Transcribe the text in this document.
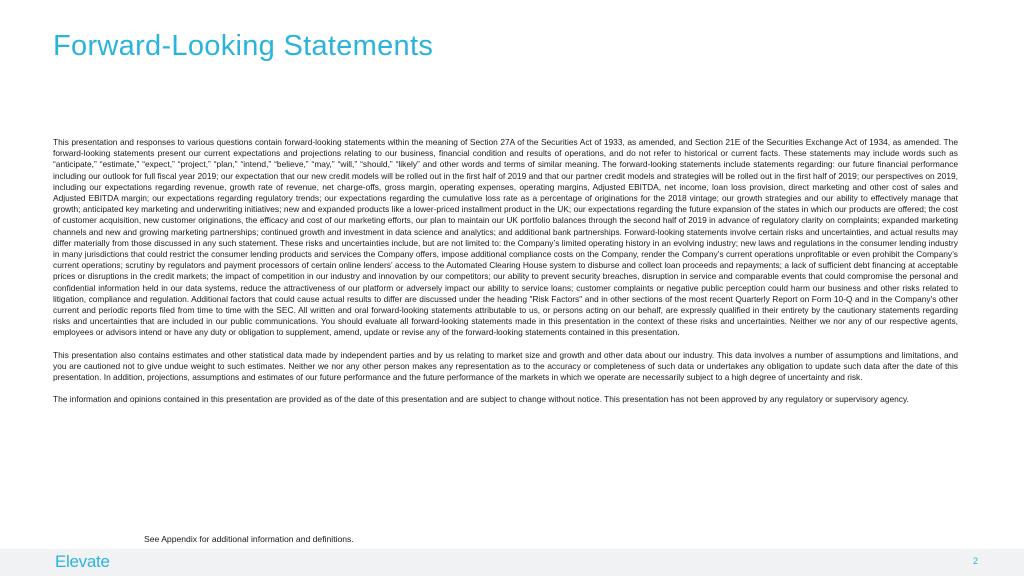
Forward-Looking Statements

This presentation and responses to various questions contain forward-looking statements within the meaning of Section 27A of the Securities Act of 1933, as amended, and Section 21E of the Securities Exchange Act of 1934, as amended. The forward-looking statements present our current expectations and projections relating to our business, financial condition and results of operations, and do not refer to historical or current facts. These statements may include words such as “anticipate,” “estimate,” “expect,” “project,” “plan,” “intend,” “believe,” “may,” “will,” “should,” “likely” and other words and terms of similar meaning. The forward-looking statements include statements regarding: our future financial performance including our outlook for full fiscal year 2019; our expectation that our new credit models will be rolled out in the first half of 2019 and that our partner credit models and strategies will be rolled out in the first half of 2019; our perspectives on 2019, including our expectations regarding revenue, growth rate of revenue, net charge-offs, gross margin, operating expenses, operating margins, Adjusted EBITDA, net income, loan loss provision, direct marketing and other cost of sales and Adjusted EBITDA margin; our expectations regarding regulatory trends; our expectations regarding the cumulative loss rate as a percentage of originations for the 2018 vintage; our growth strategies and our ability to effectively manage that growth; anticipated key marketing and underwriting initiatives; new and expanded products like a lower-priced installment product in the UK; our expectations regarding the future expansion of the states in which our products are offered; the cost of customer acquisition, new customer originations, the efficacy and cost of our marketing efforts, our plan to maintain our UK portfolio balances through the second half of 2019 in advance of regulatory clarity on complaints; expanded marketing channels and new and growing marketing partnerships; continued growth and investment in data science and analytics; and additional bank partnerships. Forward-looking statements involve certain risks and uncertainties, and actual results may differ materially from those discussed in any such statement. These risks and uncertainties include, but are not limited to: the Company’s limited operating history in an evolving industry; new laws and regulations in the consumer lending industry in many jurisdictions that could restrict the consumer lending products and services the Company offers, impose additional compliance costs on the Company, render the Company’s current operations unprofitable or even prohibit the Company’s current operations; scrutiny by regulators and payment processors of certain online lenders’ access to the Automated Clearing House system to disburse and collect loan proceeds and repayments; a lack of sufficient debt financing at acceptable prices or disruptions in the credit markets; the impact of competition in our industry and innovation by our competitors; our ability to prevent security breaches, disruption in service and comparable events that could compromise the personal and confidential information held in our data systems, reduce the attractiveness of our platform or adversely impact our ability to service loans; customer complaints or negative public perception could harm our business and other risks related to litigation, compliance and regulation. Additional factors that could cause actual results to differ are discussed under the heading "Risk Factors" and in other sections of the most recent Quarterly Report on Form 10-Q and in the Company's other current and periodic reports filed from time to time with the SEC. All written and oral forward-looking statements attributable to us, or persons acting on our behalf, are expressly qualified in their entirety by the cautionary statements regarding risks and uncertainties that are included in our public communications. You should evaluate all forward-looking statements made in this presentation in the context of these risks and uncertainties. Neither we nor any of our respective agents, employees or advisors intend or have any duty or obligation to supplement, amend, update or revise any of the forward-looking statements contained in this presentation.

This presentation also contains estimates and other statistical data made by independent parties and by us relating to market size and growth and other data about our industry. This data involves a number of assumptions and limitations, and you are cautioned not to give undue weight to such estimates. Neither we nor any other person makes any representation as to the accuracy or completeness of such data or undertakes any obligation to update such data after the date of this presentation. In addition, projections, assumptions and estimates of our future performance and the future performance of the markets in which we operate are necessarily subject to a high degree of uncertainty and risk.

The information and opinions contained in this presentation are provided as of the date of this presentation and are subject to change without notice. This presentation has not been approved by any regulatory or supervisory agency.

See Appendix for additional information and definitions.
Elevate	2
